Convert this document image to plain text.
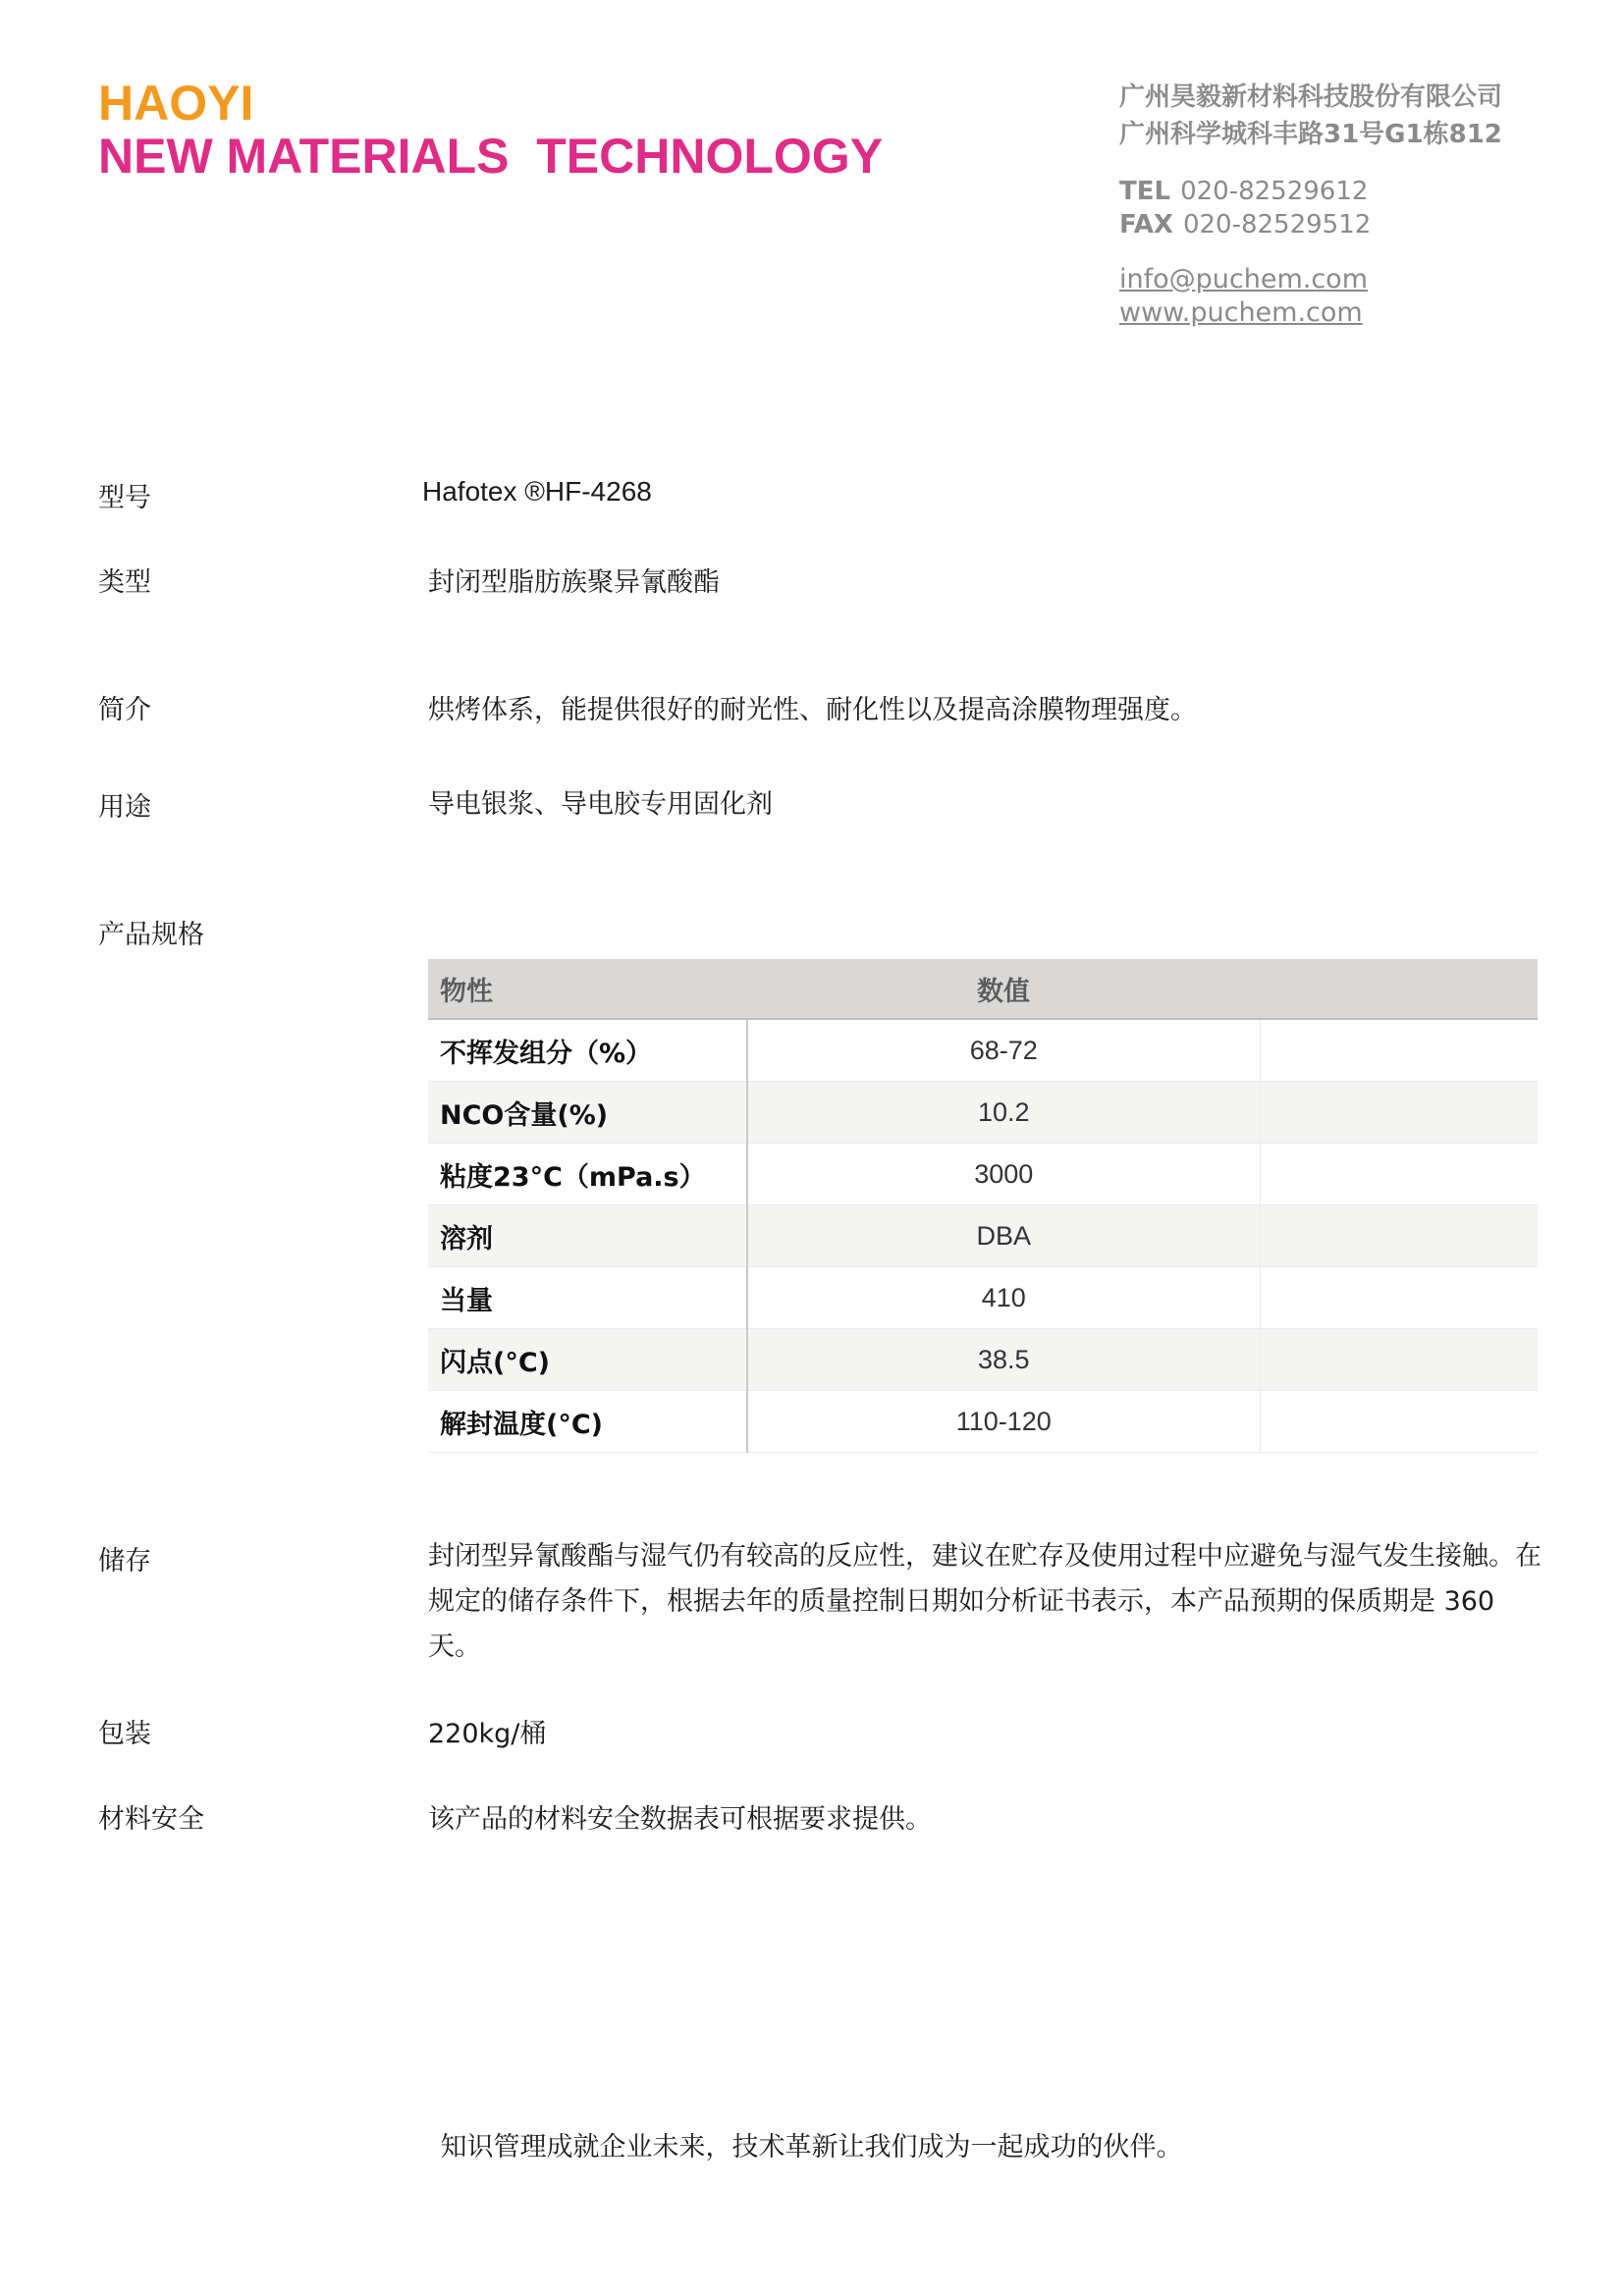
HAOYI
NEW MATERIALS  TECHNOLOGY
广州昊毅新材料科技股份有限公司
广州科学城科丰路31号G1栋812
TEL 020-82529612
FAX 020-82529512
info@puchem.com
www.puchem.com
型号	Hafotex ®HF-4268
类型	封闭型脂肪族聚异氰酸酯
简介	烘烤体系，能提供很好的耐光性、耐化性以及提高涂膜物理强度。
用途	导电银浆、导电胶专用固化剂
产品规格
物性	数值	
不挥发组分（%）	68-72	
NCO含量(%)	10.2	
粘度23°C（mPa.s）	3000	
溶剂	DBA	
当量	410	
闪点(°C)	38.5	
解封温度(°C)	110-120	
储存	封闭型异氰酸酯与湿气仍有较高的反应性，建议在贮存及使用过程中应避免与湿气发生接触。在规定的储存条件下，根据去年的质量控制日期如分析证书表示，本产品预期的保质期是 360 天。
包装	220kg/桶
材料安全	该产品的材料安全数据表可根据要求提供。
知识管理成就企业未来，技术革新让我们成为一起成功的伙伴。
